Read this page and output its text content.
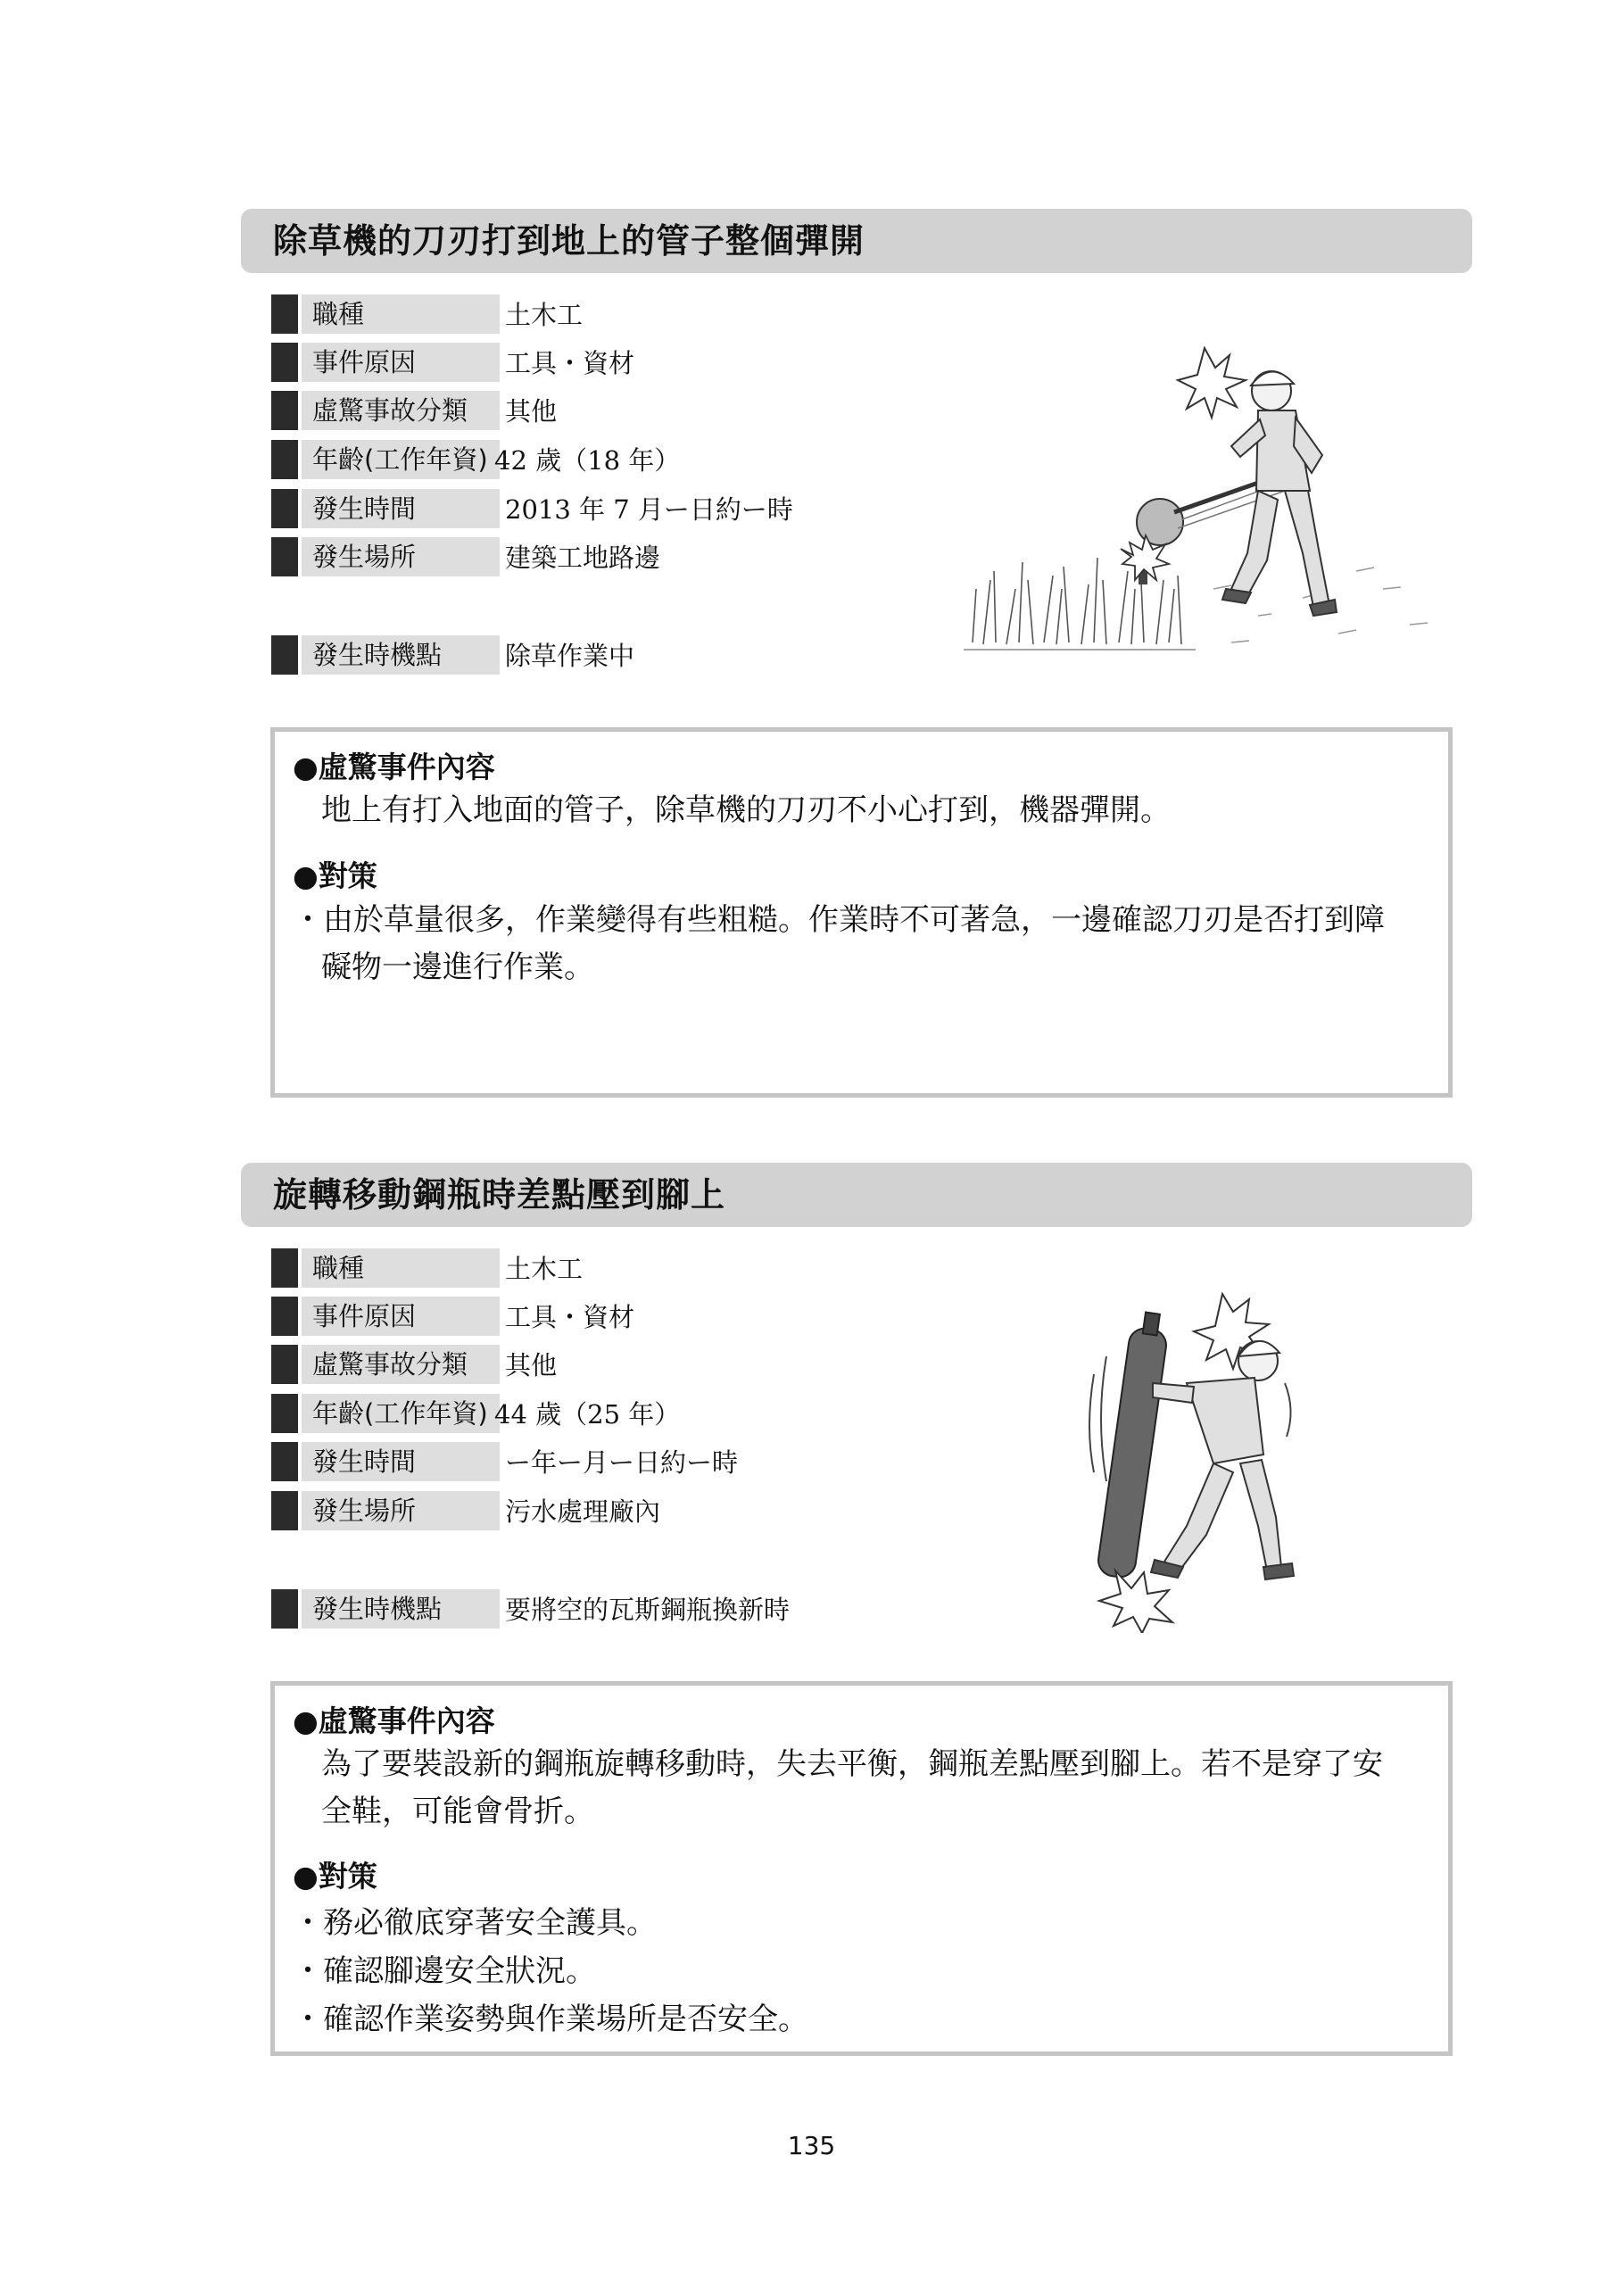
除草機的刀刃打到地上的管子整個彈開
職種	土木工
事件原因	工具・資材
虛驚事故分類	其他
年齡(工作年資) 42 歲（18 年）
發生時間	2013 年 7 月ー日約ー時
發生場所	建築工地路邊
發生時機點	除草作業中
●虛驚事件內容
地上有打入地面的管子，除草機的刀刃不小心打到，機器彈開。
●對策
・由於草量很多，作業變得有些粗糙。作業時不可著急，一邊確認刀刃是否打到障礙物一邊進行作業。
旋轉移動鋼瓶時差點壓到腳上
職種	土木工
事件原因	工具・資材
虛驚事故分類	其他
年齡(工作年資) 44 歲（25 年）
發生時間	ー年ー月ー日約ー時
發生場所	污水處理廠內
發生時機點	要將空的瓦斯鋼瓶換新時
●虛驚事件內容
為了要裝設新的鋼瓶旋轉移動時，失去平衡，鋼瓶差點壓到腳上。若不是穿了安全鞋，可能會骨折。
●對策
・務必徹底穿著安全護具。
・確認腳邊安全狀況。
・確認作業姿勢與作業場所是否安全。
135
